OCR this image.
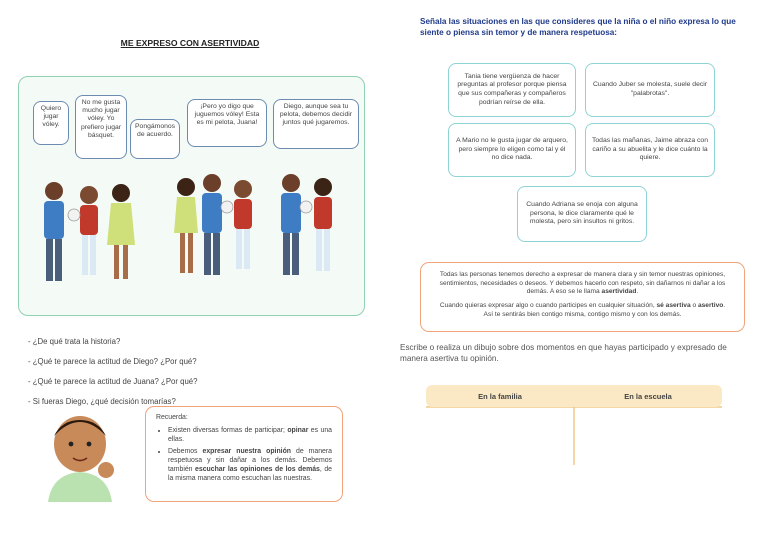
ME EXPRESO CON ASERTIVIDAD
Quiero jugar vóley.
No me gusta mucho jugar vóley. Yo prefiero jugar básquet.
Pongámonos de acuerdo.
¡Pero yo digo que juguemos vóley! Esta es mi pelota, Juana!
Diego, aunque sea tu pelota, debemos decidir juntos qué jugaremos.
- ¿De qué trata la historia?
- ¿Qué te parece la actitud de Diego? ¿Por qué?
- ¿Qué te parece la actitud de Juana? ¿Por qué?
- Si fueras Diego, ¿qué decisión tomarías?
Recuerda:
• Existen diversas formas de participar; opinar es una ellas.
• Debemos expresar nuestra opinión de manera respetuosa y sin dañar a los demás. Debemos también escuchar las opiniones de los demás, de la misma manera como escuchan las nuestras.
Señala las situaciones en las que consideres que la niña o el niño expresa lo que siente o piensa sin temor y de manera respetuosa:
Tania tiene vergüenza de hacer preguntas al profesor porque piensa que sus compañeras y compañeros podrían reírse de ella.
Cuando Juber se molesta, suele decir "palabrotas".
A Mario no le gusta jugar de arquero, pero siempre lo eligen como tal y él no dice nada.
Todas las mañanas, Jaime abraza con cariño a su abuelita y le dice cuánto la quiere.
Cuando Adriana se enoja con alguna persona, le dice claramente qué le molesta, pero sin insultos ni gritos.

Todas las personas tenemos derecho a expresar de manera clara y sin temor nuestras opiniones, sentimientos, necesidades o deseos. Y debemos hacerlo con respeto, sin dañarnos ni dañar a los demás. A eso se le llama asertividad.

Cuando quieras expresar algo o cuando participes en cualquier situación, sé asertiva o asertivo. Así te sentirás bien contigo misma, contigo mismo y con los demás.

Escribe o realiza un dibujo sobre dos momentos en que hayas participado y expresado de manera asertiva tu opinión.
En la familia	En la escuela
